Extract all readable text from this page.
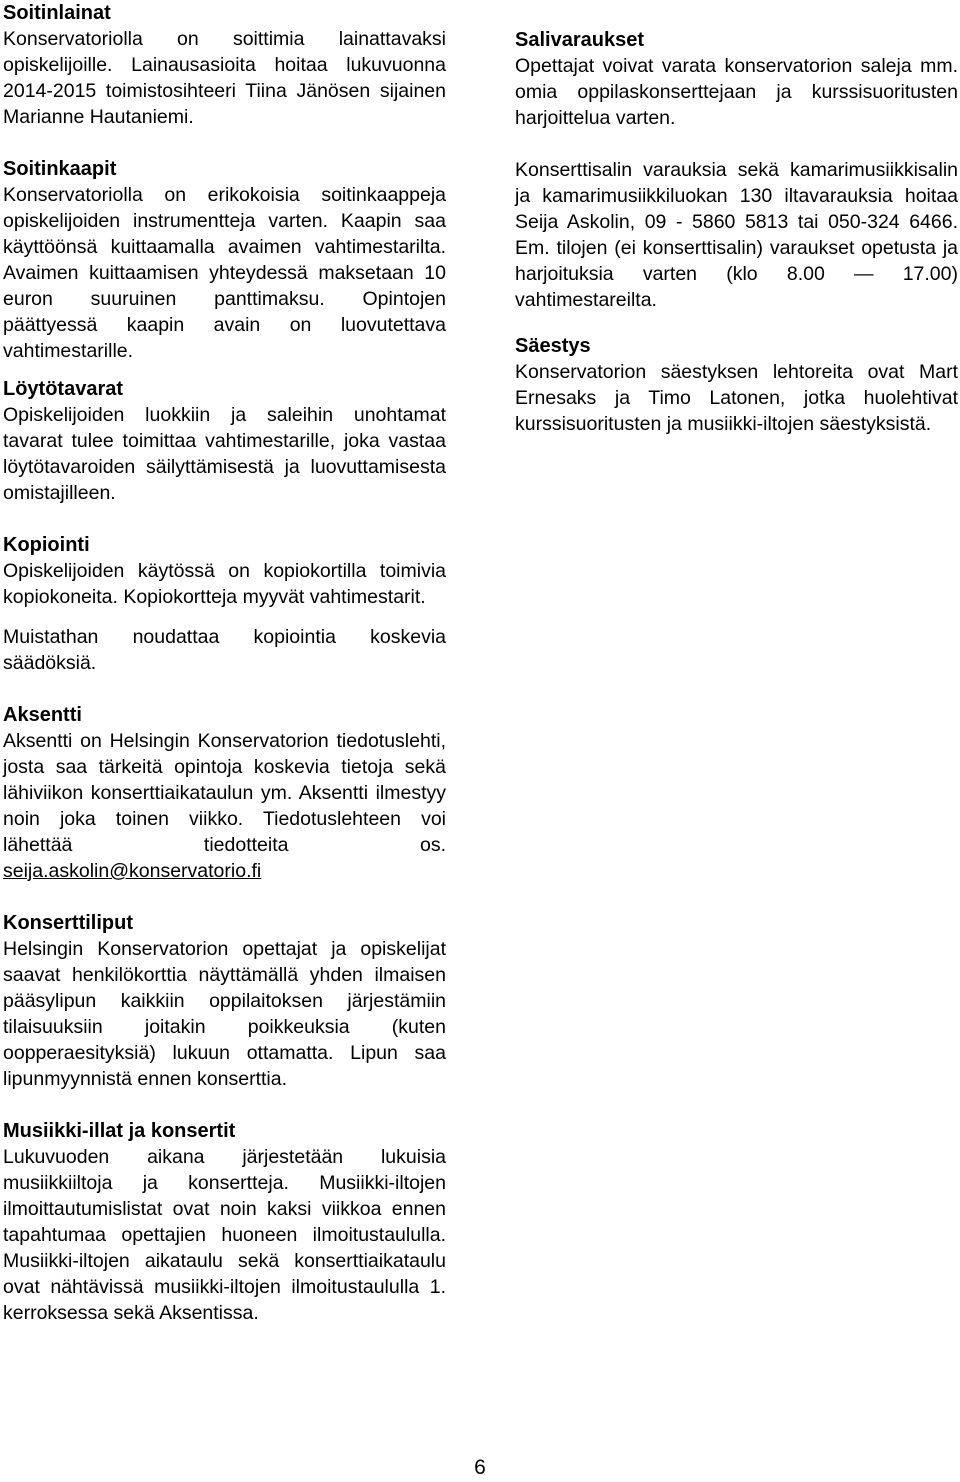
Soitinlainat

Konservatoriolla on soittimia lainattavaksi opiskelijoille. Lainausasioita hoitaa lukuvuonna 2014-2015 toimistosihteeri Tiina Jänösen sijainen Marianne Hautaniemi.

Soitinkaapit

Konservatoriolla on erikokoisia soitinkaappeja opiskelijoiden instrumentteja varten. Kaapin saa käyttöönsä kuittaamalla avaimen vahtimestarilta. Avaimen kuittaamisen yhteydessä maksetaan 10 euron suuruinen panttimaksu. Opintojen päättyessä kaapin avain on luovutettava vahtimestarille.

Löytötavarat

Opiskelijoiden luokkiin ja saleihin unohtamat tavarat tulee toimittaa vahtimestarille, joka vastaa löytötavaroiden säilyttämisestä ja luovuttamisesta omistajilleen.

Kopiointi

Opiskelijoiden käytössä on kopiokortilla toimivia kopiokoneita. Kopiokortteja myyvät vahtimestarit.

Muistathan noudattaa kopiointia koskevia säädöksiä.

Aksentti

Aksentti on Helsingin Konservatorion tiedotuslehti, josta saa tärkeitä opintoja koskevia tietoja sekä lähiviikon konserttiaikataulun ym. Aksentti ilmestyy noin joka toinen viikko. Tiedotuslehteen voi lähettää tiedotteita os. seija.askolin@konservatorio.fi

Konserttiliput

Helsingin Konservatorion opettajat ja opiskelijat saavat henkilökorttia näyttämällä yhden ilmaisen pääsylipun kaikkiin oppilaitoksen järjestämiin tilaisuuksiin joitakin poikkeuksia (kuten oopperaesityksiä) lukuun ottamatta. Lipun saa lipunmyynnistä ennen konserttia.

Musiikki-illat ja konsertit

Lukuvuoden aikana järjestetään lukuisia musiikkiiltoja ja konsertteja. Musiikki-iltojen ilmoittautumislistat ovat noin kaksi viikkoa ennen tapahtumaa opettajien huoneen ilmoitustaululla. Musiikki-iltojen aikataulu sekä konserttiaikataulu ovat nähtävissä musiikki-iltojen ilmoitustaululla 1. kerroksessa sekä Aksentissa.

Salivaraukset

Opettajat voivat varata konservatorion saleja mm. omia oppilaskonserttejaan ja kurssisuoritusten harjoittelua varten.

Konserttisalin varauksia sekä kamarimusiikkisalin ja kamarimusiikkiluokan 130 iltavarauksia hoitaa Seija Askolin, 09 - 5860 5813 tai 050-324 6466. Em. tilojen (ei konserttisalin) varaukset opetusta ja harjoituksia varten (klo 8.00 — 17.00) vahtimestareilta.

Säestys

Konservatorion säestyksen lehtoreita ovat Mart Ernesaks ja Timo Latonen, jotka huolehtivat kurssisuoritusten ja musiikki-iltojen säestyksistä.

6
